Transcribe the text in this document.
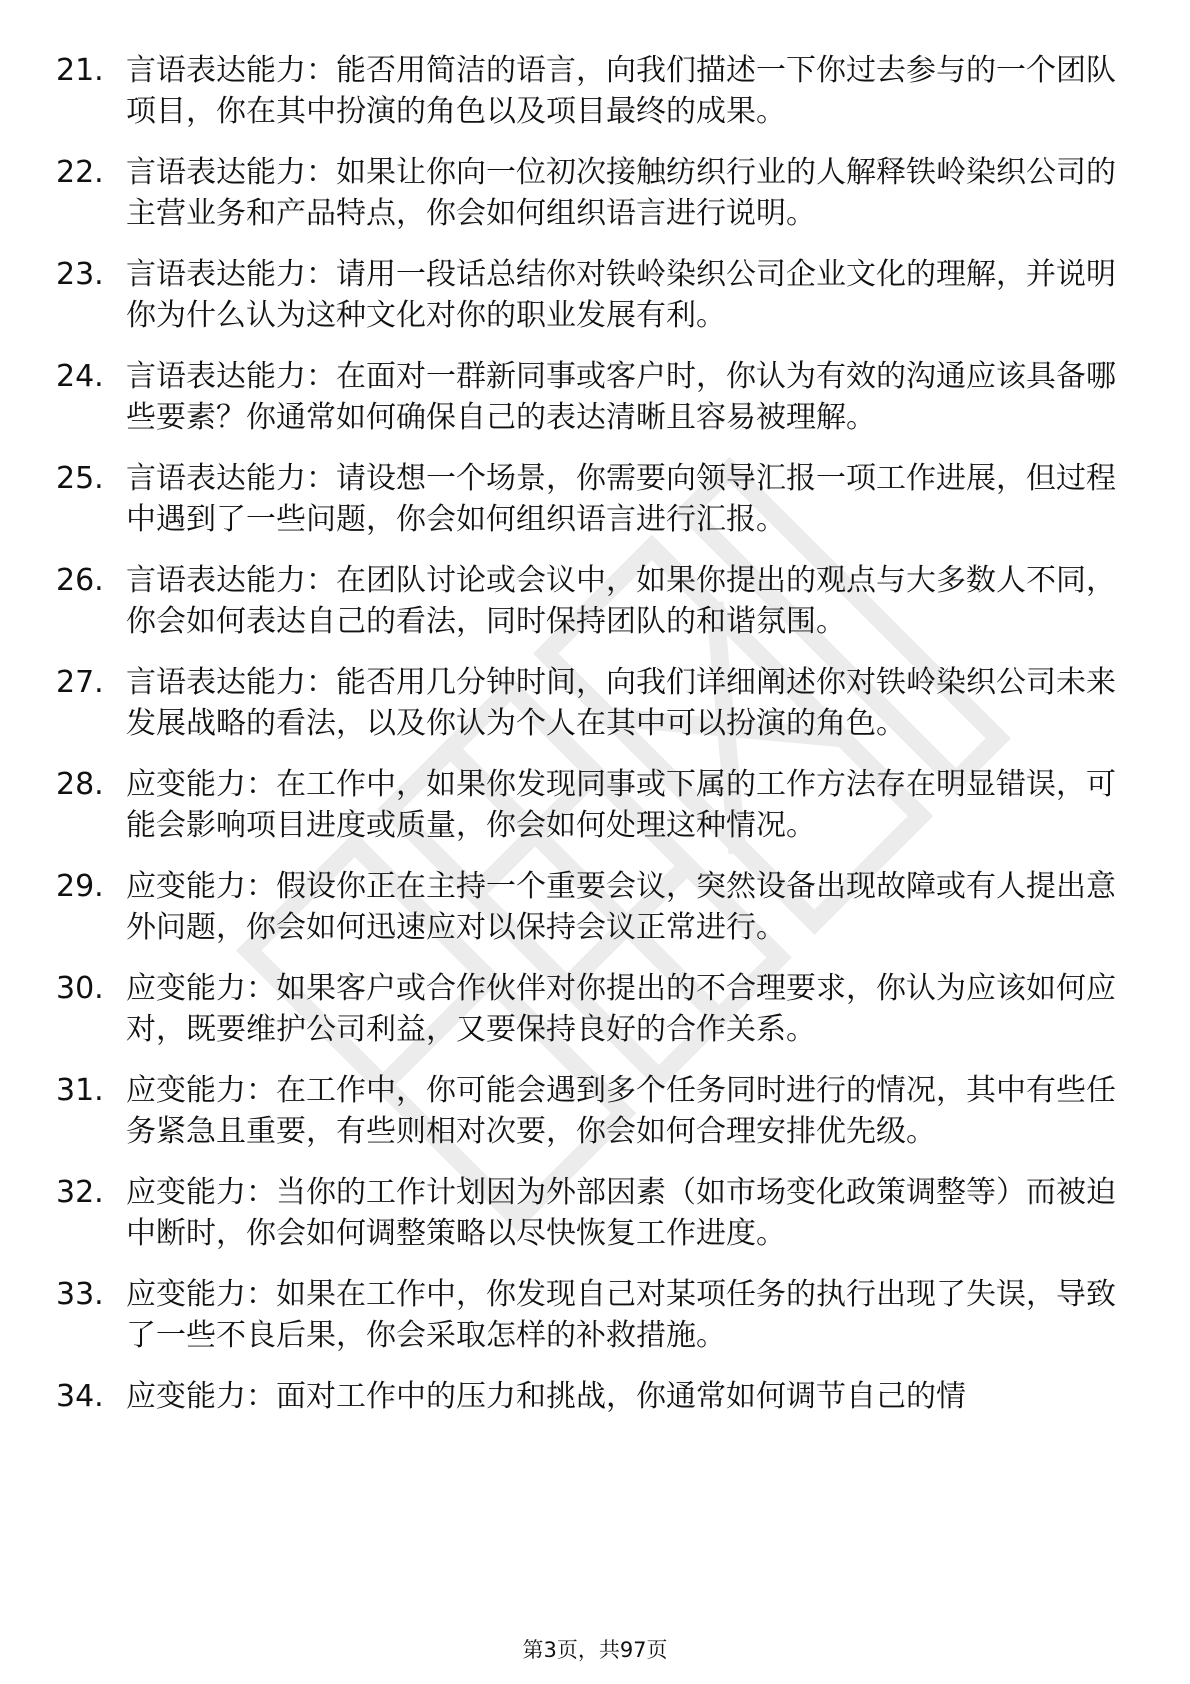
21. 言语表达能力：能否用简洁的语言，向我们描述一下你过去参与的一个团队项目，你在其中扮演的角色以及项目最终的成果。
22. 言语表达能力：如果让你向一位初次接触纺织行业的人解释铁岭染织公司的主营业务和产品特点，你会如何组织语言进行说明。
23. 言语表达能力：请用一段话总结你对铁岭染织公司企业文化的理解，并说明你为什么认为这种文化对你的职业发展有利。
24. 言语表达能力：在面对一群新同事或客户时，你认为有效的沟通应该具备哪些要素？你通常如何确保自己的表达清晰且容易被理解。
25. 言语表达能力：请设想一个场景，你需要向领导汇报一项工作进展，但过程中遇到了一些问题，你会如何组织语言进行汇报。
26. 言语表达能力：在团队讨论或会议中，如果你提出的观点与大多数人不同，你会如何表达自己的看法，同时保持团队的和谐氛围。
27. 言语表达能力：能否用几分钟时间，向我们详细阐述你对铁岭染织公司未来发展战略的看法，以及你认为个人在其中可以扮演的角色。
28. 应变能力：在工作中，如果你发现同事或下属的工作方法存在明显错误，可能会影响项目进度或质量，你会如何处理这种情况。
29. 应变能力：假设你正在主持一个重要会议，突然设备出现故障或有人提出意外问题，你会如何迅速应对以保持会议正常进行。
30. 应变能力：如果客户或合作伙伴对你提出的不合理要求，你认为应该如何应对，既要维护公司利益，又要保持良好的合作关系。
31. 应变能力：在工作中，你可能会遇到多个任务同时进行的情况，其中有些任务紧急且重要，有些则相对次要，你会如何合理安排优先级。
32. 应变能力：当你的工作计划因为外部因素（如市场变化政策调整等）而被迫中断时，你会如何调整策略以尽快恢复工作进度。
33. 应变能力：如果在工作中，你发现自己对某项任务的执行出现了失误，导致了一些不良后果，你会采取怎样的补救措施。
34. 应变能力：面对工作中的压力和挑战，你通常如何调节自己的情
第3页，共97页
